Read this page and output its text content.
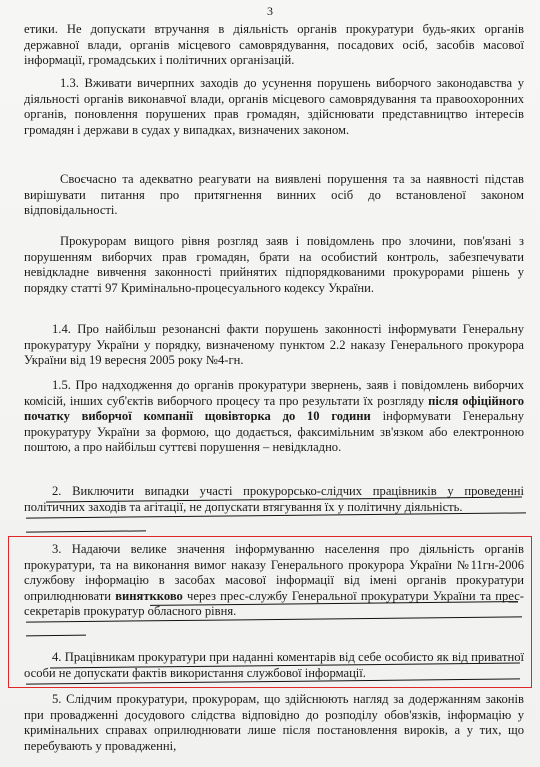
3
етики. Не допускати втручання в діяльність органів прокуратури будь-яких органів державної влади, органів місцевого самоврядування, посадових осіб, засобів масової інформації, громадських і політичних організацій.
1.3. Вживати вичерпних заходів до усунення порушень виборчого законодавства у діяльності органів виконавчої влади, органів місцевого самоврядування та правоохоронних органів, поновлення порушених прав громадян, здійснювати представництво інтересів громадян і держави в судах у випадках, визначених законом.
Своєчасно та адекватно реагувати на виявлені порушення та за наявності підстав вирішувати питання про притягнення винних осіб до встановленої законом відповідальності.
Прокурорам вищого рівня розгляд заяв і повідомлень про злочини, пов'язані з порушенням виборчих прав громадян, брати на особистий контроль, забезпечувати невідкладне вивчення законності прийнятих підпорядкованими прокурорами рішень у порядку статті 97 Кримінально-процесуального кодексу України.
1.4. Про найбільш резонансні факти порушень законності інформувати Генеральну прокуратуру України у порядку, визначеному пунктом 2.2 наказу Генерального прокурора України від 19 вересня 2005 року №4-гн.
1.5. Про надходження до органів прокуратури звернень, заяв і повідомлень виборчих комісій, інших суб'єктів виборчого процесу та про результати їх розгляду після офіційного початку виборчої компанії щовівторка до 10 години інформувати Генеральну прокуратуру України за формою, що додається, факсимільним зв'язком або електронною поштою, а про найбільш суттєві порушення – невідкладно.
2. Виключити випадки участі прокурорсько-слідчих працівників у проведенні політичних заходів та агітації, не допускати втягування їх у політичну діяльність.
3. Надаючи велике значення інформуванню населення про діяльність органів прокуратури, та на виконання вимог наказу Генерального прокурора України №11гн-2006 службову інформацію в засобах масової інформації від імені органів прокуратури оприлюднювати виняткково через прес-службу Генеральної прокуратури України та прес-секретарів прокуратур обласного рівня.
4. Працівникам прокуратури при наданні коментарів від себе особисто як від приватної особи не допускати фактів використання службової інформації.
5. Слідчим прокуратури, прокурорам, що здійснюють нагляд за додержанням законів при провадженні досудового слідства відповідно до розподілу обов'язків, інформацію у кримінальних справах оприлюднювати лише після постановлення вироків, а у тих, що перебувають у провадженні,
